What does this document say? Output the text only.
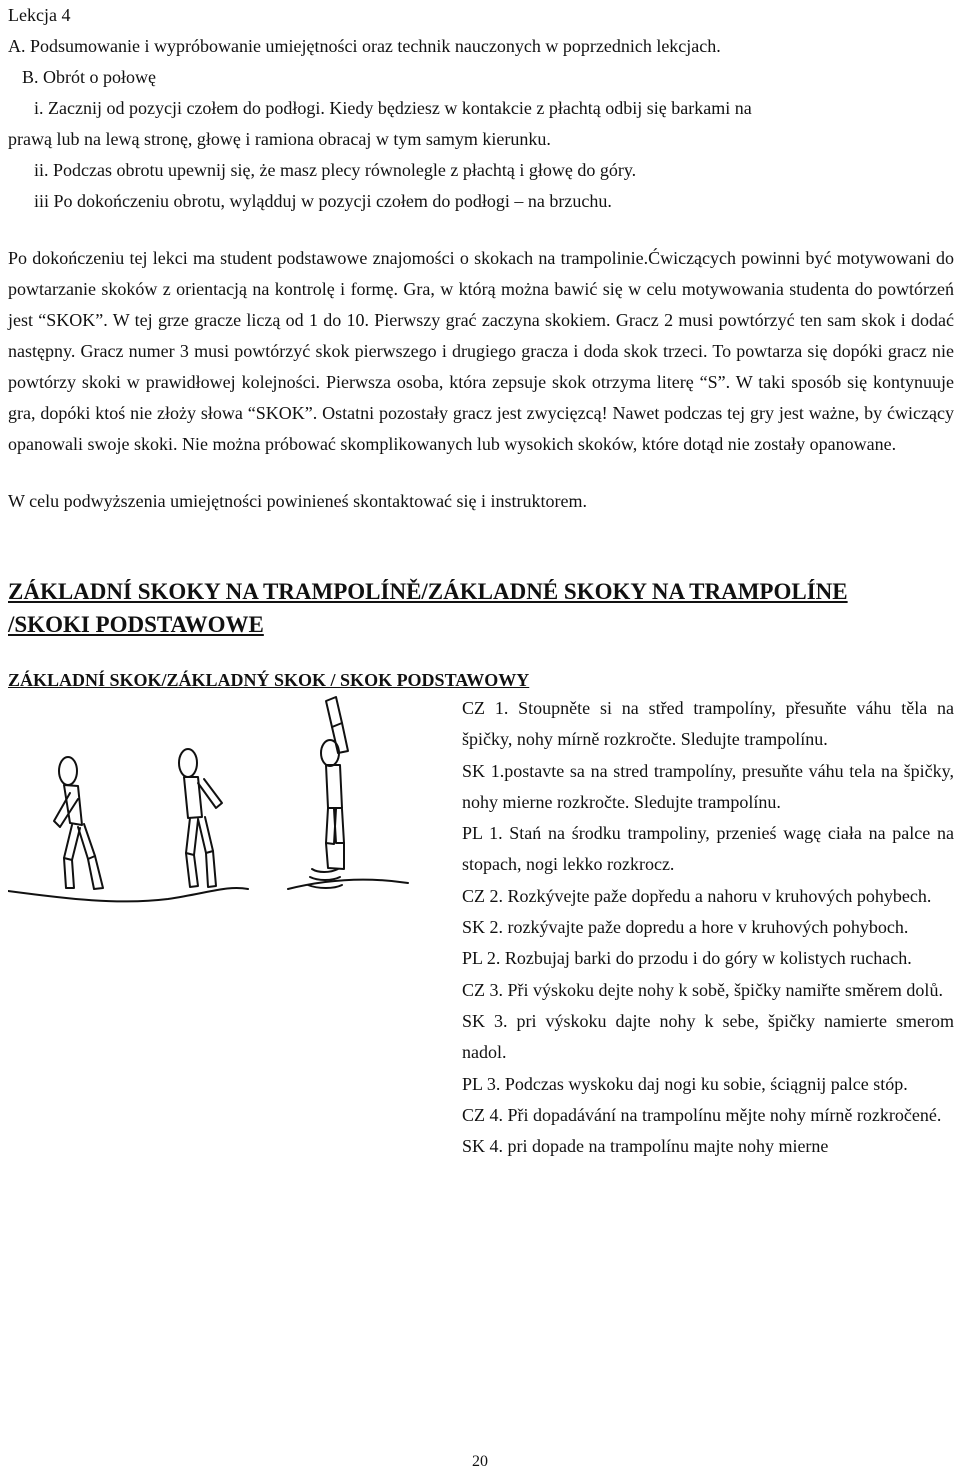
Lekcja 4

A. Podsumowanie i wypróbowanie umiejętności oraz technik nauczonych w poprzednich lekcjach.

B. Obrót o połowę

i. Zacznij od pozycji czołem do podłogi. Kiedy będziesz w kontakcie z płachtą odbij się barkami na

prawą lub na lewą stronę, głowę i ramiona obracaj w tym samym kierunku.

ii. Podczas obrotu upewnij się, że masz plecy równolegle z płachtą i głowę do góry.

iii Po dokończeniu obrotu, wylądduj w pozycji czołem do podłogi – na brzuchu.

Po dokończeniu tej lekci ma student podstawowe znajomości o skokach na trampolinie.Ćwiczących powinni być motywowani do powtarzanie skoków z orientacją na kontrolę i formę. Gra, w którą można bawić się w celu motywowania studenta do powtórzeń jest “SKOK”. W tej grze gracze liczą od 1 do 10. Pierwszy grać zaczyna skokiem. Gracz 2 musi powtórzyć ten sam skok i dodać następny. Gracz numer 3 musi powtórzyć skok pierwszego i drugiego gracza i doda skok trzeci. To powtarza się dopóki gracz nie powtórzy skoki w prawidłowej kolejności. Pierwsza osoba, która zepsuje skok otrzyma literę “S”. W taki sposób się kontynuuje gra, dopóki ktoś nie złoży słowa “SKOK”. Ostatni pozostały gracz jest zwycięzcą! Nawet podczas tej gry jest ważne, by ćwiczący opanowali swoje skoki. Nie można próbować skomplikowanych lub wysokich skoków, które dotąd nie zostały opanowane.

W celu podwyższenia umiejętności powinieneś skontaktować się i instruktorem.

ZÁKLADNÍ SKOKY NA TRAMPOLÍNĚ/ZÁKLADNÉ SKOKY NA TRAMPOLÍNE

/SKOKI PODSTAWOWE

ZÁKLADNÍ SKOK/ZÁKLADNÝ SKOK / SKOK PODSTAWOWY

CZ 1. Stoupněte si na střed trampolíny, přesuňte váhu těla na špičky, nohy mírně rozkročte. Sledujte trampolínu.

SK 1.postavte sa na stred trampolíny, presuňte váhu tela na špičky, nohy mierne rozkročte. Sledujte trampolínu.

PL 1. Stań na środku trampoliny, przenieś wagę ciała na palce na stopach, nogi lekko rozkrocz.

CZ 2. Rozkývejte paže dopředu a nahoru v kruhových pohybech.

SK 2. rozkývajte paže dopredu a hore v kruhových pohyboch.

PL 2. Rozbujaj barki do przodu i do góry w kolistych ruchach.

CZ 3. Při výskoku dejte nohy k sobě, špičky namiřte směrem dolů.

SK 3. pri výskoku dajte nohy k sebe, špičky namierte smerom nadol.

PL 3. Podczas wyskoku daj nogi ku sobie, ściągnij palce stóp.

CZ 4. Při dopadávání na trampolínu mějte nohy mírně rozkročené.

SK 4. pri dopade na trampolínu majte nohy mierne

20
